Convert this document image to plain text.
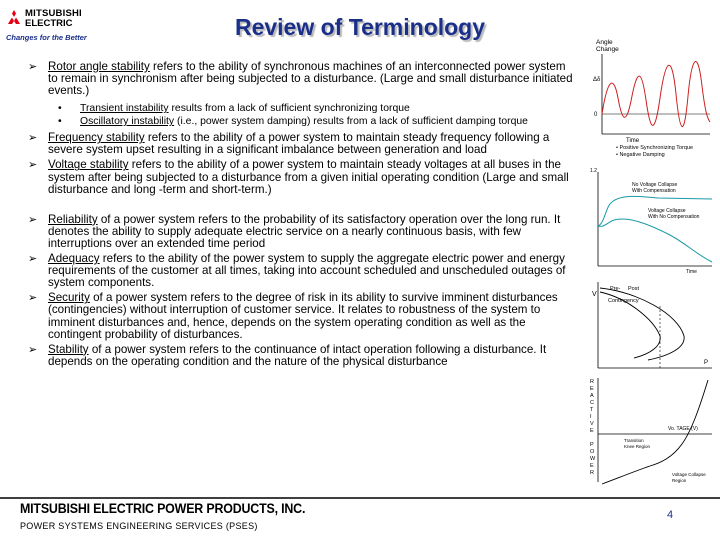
MITSUBISHI
ELECTRIC
Changes for the Better	Review of Terminology
➢ Rotor angle stability refers to the ability of synchronous machines of an interconnected power system to remain in synchronism after being subjected to a disturbance. (Large and small disturbance initiated events.)
• Transient instability results from a lack of sufficient synchronizing torque
• Oscillatory instability (i.e., power system damping) results from a lack of sufficient damping torque
➢ Frequency stability refers to the ability of a power system to maintain steady frequency following a severe system upset resulting in a significant imbalance between generation and load
➢ Voltage stability refers to the ability of a power system to maintain steady voltages at all buses in the system after being subjected to a disturbance from a given initial operating condition (Large and small disturbance and long -term and short-term.)
➢ Reliability of a power system refers to the probability of its satisfactory operation over the long run. It denotes the ability to supply adequate electric service on a nearly continuous basis, with few interruptions over an extended time period
➢ Adequacy refers to the ability of the power system to supply the aggregate electric power and energy requirements of the customer at all times, taking into account scheduled and unscheduled outages of system components.
➢ Security of a power system refers to the degree of risk in its ability to survive imminent disturbances (contingencies) without interruption of customer service. It relates to robustness of the system to imminent disturbances and, hence, depends on the system operating condition as well as the contingent probability of disturbances.
➢ Stability of a power system refers to the continuance of intact operation following a disturbance. It depends on the operating condition and the nature of the physical disturbance
Angle
Change
Δδ
0
Time
• Positive Synchronizing Torque
• Negative Damping
1.2
No Voltage Collapse
With Compensation
Voltage Collapse
With No Compensation
Time
V
Pre- Post
Contingency
P
R
E
A
C
T
I
V
E
P
O
W
E
R
Vo. TAGE (V)
Transition
Knee Region
Voltage Collapse
Region
MITSUBISHI ELECTRIC POWER PRODUCTS, INC.
POWER SYSTEMS ENGINEERING SERVICES (PSES)
4
